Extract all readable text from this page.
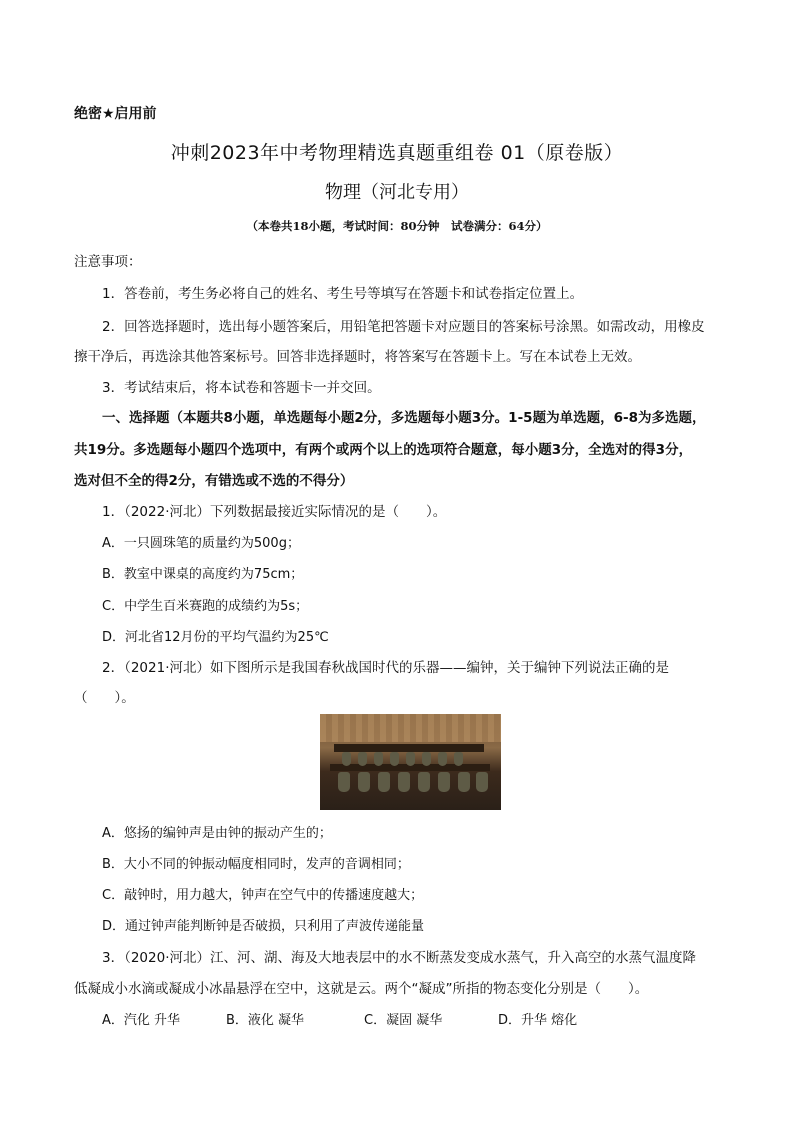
绝密★启用前
冲刺2023年中考物理精选真题重组卷 01（原卷版）
物理（河北专用）
（本卷共18小题，考试时间：80分钟　试卷满分：64分）
注意事项：
1．答卷前，考生务必将自己的姓名、考生号等填写在答题卡和试卷指定位置上。
2．回答选择题时，选出每小题答案后，用铅笔把答题卡对应题目的答案标号涂黑。如需改动，用橡皮
擦干净后，再选涂其他答案标号。回答非选择题时，将答案写在答题卡上。写在本试卷上无效。
3．考试结束后，将本试卷和答题卡一并交回。
一、选择题（本题共8小题，单选题每小题2分，多选题每小题3分。1-5题为单选题，6-8为多选题，
共19分。多选题每小题四个选项中，有两个或两个以上的选项符合题意，每小题3分，全选对的得3分，
选对但不全的得2分，有错选或不选的不得分）
1．（2022·河北）下列数据最接近实际情况的是（　　）。
A．一只圆珠笔的质量约为500g；
B．教室中课桌的高度约为75cm；
C．中学生百米赛跑的成绩约为5s；
D．河北省12月份的平均气温约为25℃
2．（2021·河北）如下图所示是我国春秋战国时代的乐器——编钟，关于编钟下列说法正确的是
（　　）。
A．悠扬的编钟声是由钟的振动产生的；
B．大小不同的钟振动幅度相同时，发声的音调相同；
C．敲钟时，用力越大，钟声在空气中的传播速度越大；
D．通过钟声能判断钟是否破损，只利用了声波传递能量
3．（2020·河北）江、河、湖、海及大地表层中的水不断蒸发变成水蒸气，升入高空的水蒸气温度降
低凝成小水滴或凝成小冰晶悬浮在空中，这就是云。两个“凝成”所指的物态变化分别是（　　）。
A．汽化 升华	B．液化 凝华	C．凝固 凝华	D．升华 熔化
